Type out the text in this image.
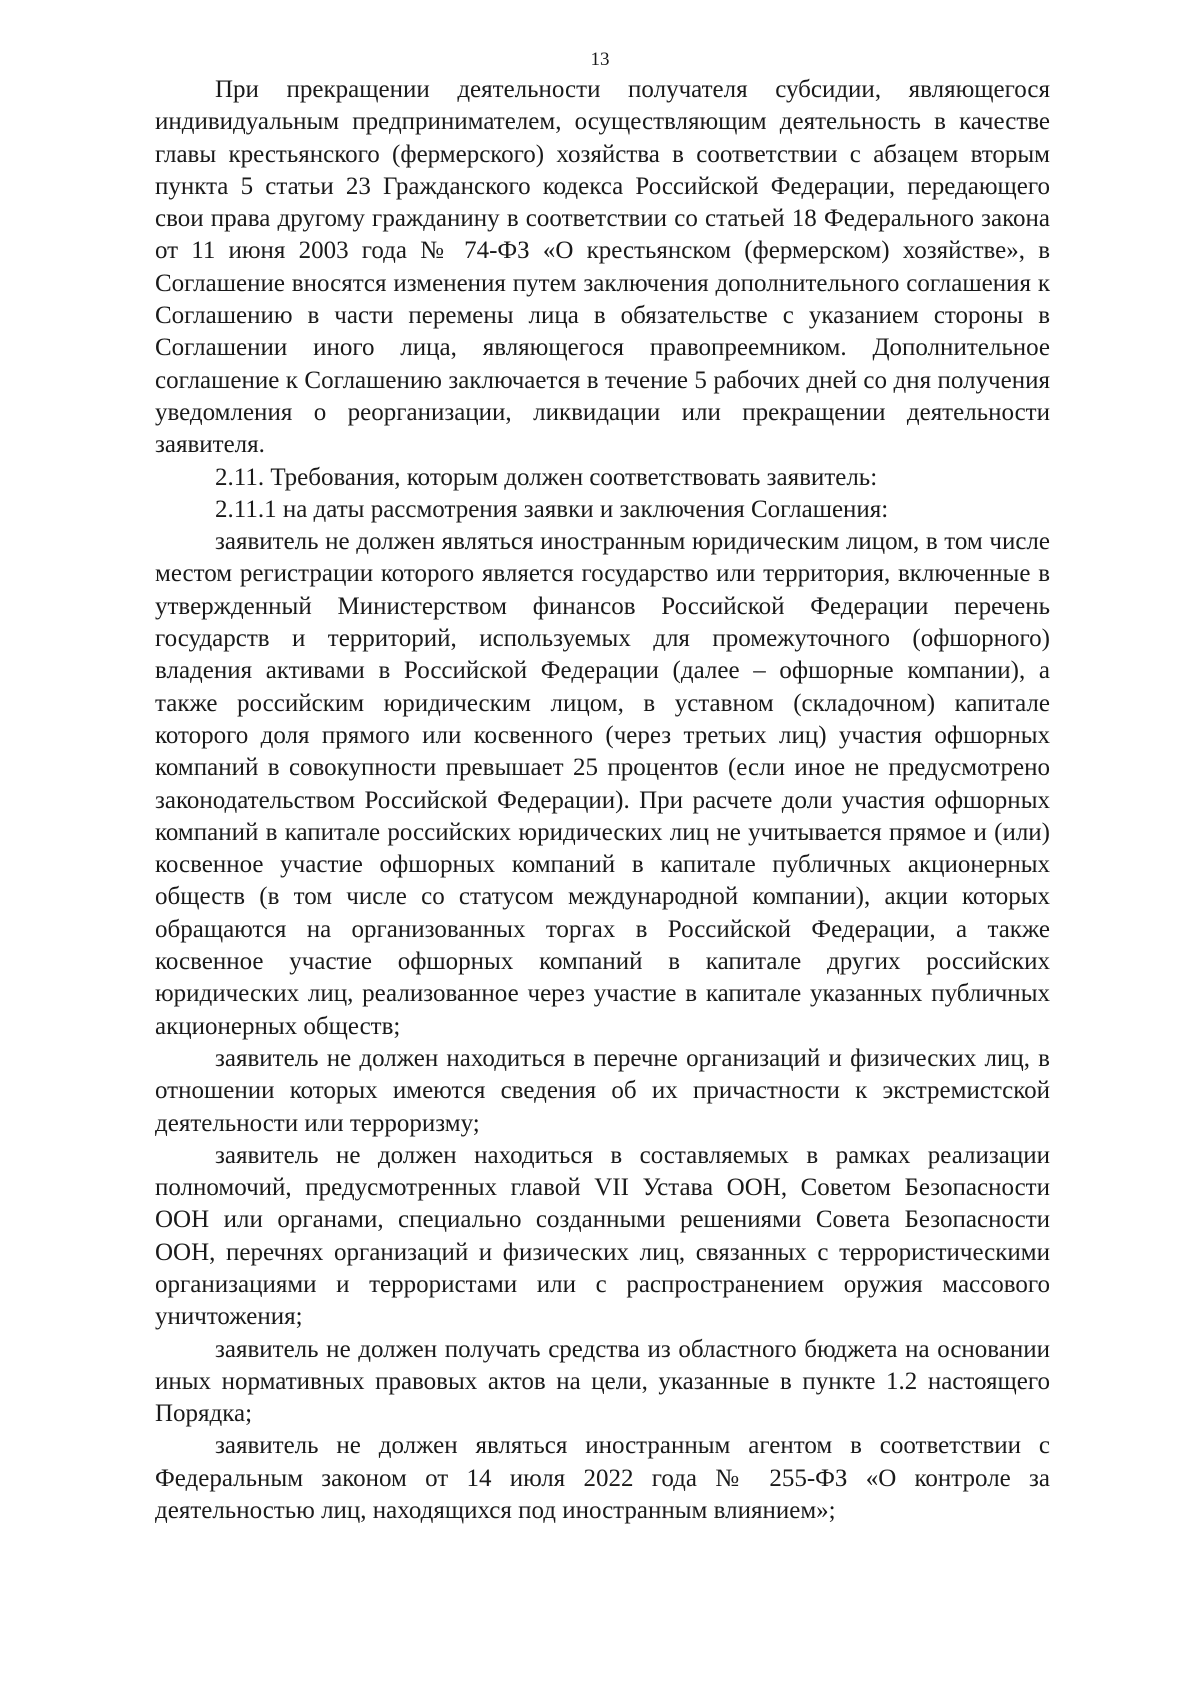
13

При прекращении деятельности получателя субсидии, являющегося индивидуальным предпринимателем, осуществляющим деятельность в качестве главы крестьянского (фермерского) хозяйства в соответствии с абзацем вторым пункта 5 статьи 23 Гражданского кодекса Российской Федерации, передающего свои права другому гражданину в соответствии со статьей 18 Федерального закона от 11 июня 2003 года № 74-ФЗ «О крестьянском (фермерском) хозяйстве», в Соглашение вносятся изменения путем заключения дополнительного соглашения к Соглашению в части перемены лица в обязательстве с указанием стороны в Соглашении иного лица, являющегося правопреемником. Дополнительное соглашение к Соглашению заключается в течение 5 рабочих дней со дня получения уведомления о реорганизации, ликвидации или прекращении деятельности заявителя.

2.11. Требования, которым должен соответствовать заявитель:

2.11.1 на даты рассмотрения заявки и заключения Соглашения:

заявитель не должен являться иностранным юридическим лицом, в том числе местом регистрации которого является государство или территория, включенные в утвержденный Министерством финансов Российской Федерации перечень государств и территорий, используемых для промежуточного (офшорного) владения активами в Российской Федерации (далее – офшорные компании), а также российским юридическим лицом, в уставном (складочном) капитале которого доля прямого или косвенного (через третьих лиц) участия офшорных компаний в совокупности превышает 25 процентов (если иное не предусмотрено законодательством Российской Федерации). При расчете доли участия офшорных компаний в капитале российских юридических лиц не учитывается прямое и (или) косвенное участие офшорных компаний в капитале публичных акционерных обществ (в том числе со статусом международной компании), акции которых обращаются на организованных торгах в Российской Федерации, а также косвенное участие офшорных компаний в капитале других российских юридических лиц, реализованное через участие в капитале указанных публичных акционерных обществ;

заявитель не должен находиться в перечне организаций и физических лиц, в отношении которых имеются сведения об их причастности к экстремистской деятельности или терроризму;

заявитель не должен находиться в составляемых в рамках реализации полномочий, предусмотренных главой VII Устава ООН, Советом Безопасности ООН или органами, специально созданными решениями Совета Безопасности ООН, перечнях организаций и физических лиц, связанных с террористическими организациями и террористами или с распространением оружия массового уничтожения;

заявитель не должен получать средства из областного бюджета на основании иных нормативных правовых актов на цели, указанные в пункте 1.2 настоящего Порядка;

заявитель не должен являться иностранным агентом в соответствии с Федеральным законом от 14 июля 2022 года № 255-ФЗ «О контроле за деятельностью лиц, находящихся под иностранным влиянием»;
